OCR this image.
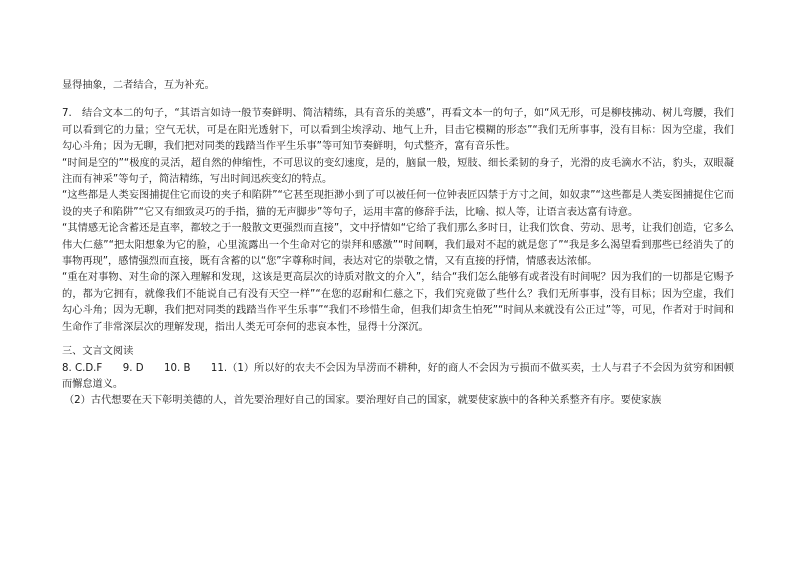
显得抽象，二者结合，互为补充。

7.　结合文本二的句子，“其语言如诗一般节奏鲜明、简洁精练，具有音乐的美感”，再看文本一的句子，如“风无形，可是柳枝拂动、树儿弯腰，我们可以看到它的力量；空气无状，可是在阳光透射下，可以看到尘埃浮动、地气上升，目击它模糊的形态”“我们无所事事，没有目标：因为空虚，我们勾心斗角；因为无聊，我们把对同类的践踏当作平生乐事”等可知节奏鲜明，句式整齐，富有音乐性。

“时间是空的”“极度的灵活，超自然的伸缩性，不可思议的变幻速度，是的，脑鼠一般，短肢、细长柔韧的身子，光滑的皮毛滴水不沾，豹头，双眼凝注而有神采”等句子，简洁精练，写出时间迅疾变幻的特点。

“这些都是人类妄图捕捉住它而设的夹子和陷阱”“它甚至现拒渺小到了可以被任何一位钟表匠囚禁于方寸之间，如奴隶”“这些都是人类妄图捕捉住它而设的夹子和陷阱”“它又有细致灵巧的手指，猫的无声脚步”等句子，运用丰富的修辞手法，比喻、拟人等，让语言表达富有诗意。

“其情感无论含蓄还是直率，都较之于一般散文更强烈而直接”，文中抒情如“它给了我们那么多时日，让我们饮食、劳动、思考，让我们创造，它多么伟大仁慈”“把太阳想象为它的脸，心里流露出一个生命对它的崇拜和感激”“时间啊，我们最对不起的就是您了”“我是多么渴望看到那些已经消失了的事物再现”，感情强烈而直接，既有含蓄的以“您”字尊称时间，表达对它的崇敬之情，又有直接的抒情，情感表达浓郁。

“重在对事物、对生命的深入理解和发现，这该是更高层次的诗质对散文的介入”，结合“我们怎么能够有或者没有时间呢？因为我们的一切都是它赐予的，都为它拥有，就像我们不能说自己有没有天空一样”“在您的忍耐和仁慈之下，我们究竟做了些什么？我们无所事事，没有目标；因为空虚，我们勾心斗角；因为无聊，我们把对同类的践踏当作平生乐事”“我们不珍惜生命，但我们却贪生怕死”“时间从来就没有公正过”等，可见，作者对于时间和生命作了非常深层次的理解发现，指出人类无可奈何的悲哀本性，显得十分深沉。

三、文言文阅读

8. C.D.F　　9. D　　10. B　　11.（1）所以好的农夫不会因为旱涝而不耕种，好的商人不会因为亏损而不做买卖，士人与君子不会因为贫穷和困顿而懈怠道义。

（2）古代想要在天下彰明美德的人，首先要治理好自己的国家。要治理好自己的国家，就要使家族中的各种关系整齐有序。要使家族
